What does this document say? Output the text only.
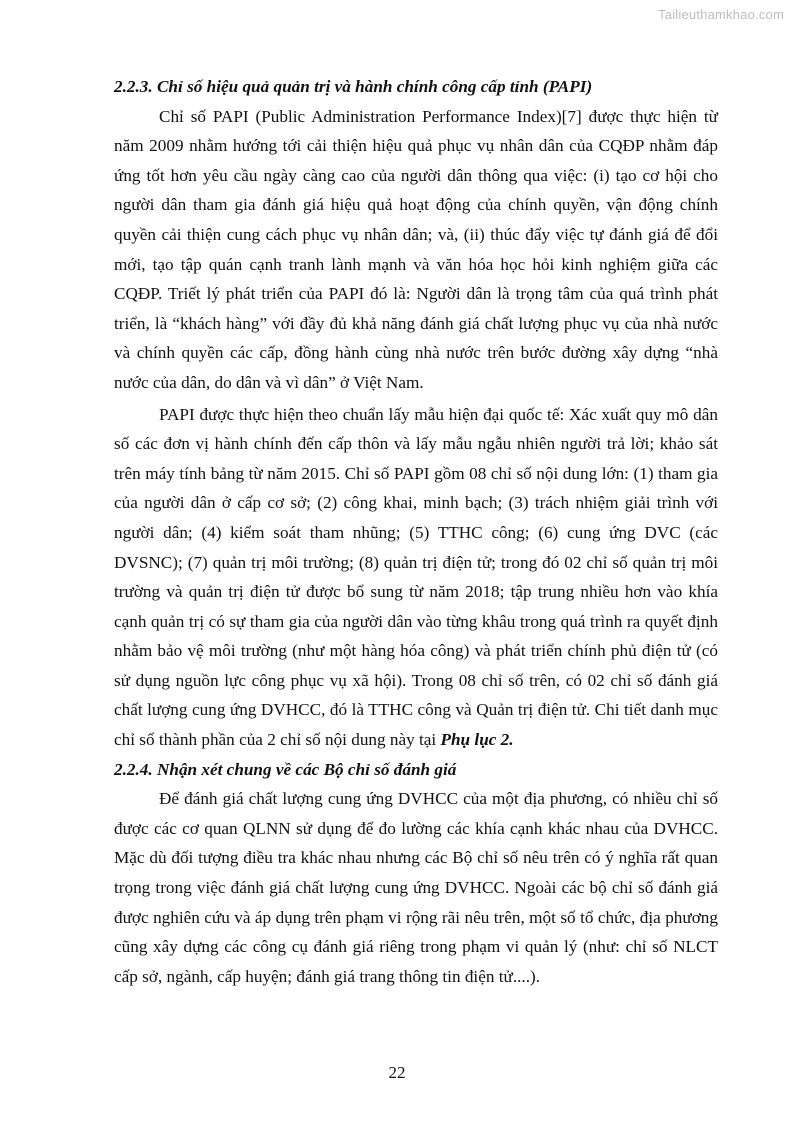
Tailieuthamkhao.com

2.2.3. Chỉ số hiệu quả quản trị và hành chính công cấp tỉnh (PAPI)

Chỉ số PAPI (Public Administration Performance Index)[7] được thực hiện từ năm 2009 nhằm hướng tới cải thiện hiệu quả phục vụ nhân dân của CQĐP nhằm đáp ứng tốt hơn yêu cầu ngày càng cao của người dân thông qua việc: (i) tạo cơ hội cho người dân tham gia đánh giá hiệu quả hoạt động của chính quyền, vận động chính quyền cải thiện cung cách phục vụ nhân dân; và, (ii) thúc đẩy việc tự đánh giá để đổi mới, tạo tập quán cạnh tranh lành mạnh và văn hóa học hỏi kinh nghiệm giữa các CQĐP. Triết lý phát triển của PAPI đó là: Người dân là trọng tâm của quá trình phát triển, là “khách hàng” với đầy đủ khả năng đánh giá chất lượng phục vụ của nhà nước và chính quyền các cấp, đồng hành cùng nhà nước trên bước đường xây dựng “nhà nước của dân, do dân và vì dân” ở Việt Nam.

PAPI được thực hiện theo chuẩn lấy mẫu hiện đại quốc tế: Xác xuất quy mô dân số các đơn vị hành chính đến cấp thôn và lấy mẫu ngẫu nhiên người trả lời; khảo sát trên máy tính bảng từ năm 2015. Chỉ số PAPI gồm 08 chỉ số nội dung lớn: (1) tham gia của người dân ở cấp cơ sở; (2) công khai, minh bạch; (3) trách nhiệm giải trình với người dân; (4) kiểm soát tham nhũng; (5) TTHC công; (6) cung ứng DVC (các DVSNC); (7) quản trị môi trường; (8) quản trị điện tử; trong đó 02 chỉ số quản trị môi trường và quản trị điện tử được bổ sung từ năm 2018; tập trung nhiều hơn vào khía cạnh quản trị có sự tham gia của người dân vào từng khâu trong quá trình ra quyết định nhằm bảo vệ môi trường (như một hàng hóa công) và phát triển chính phủ điện tử (có sử dụng nguồn lực công phục vụ xã hội). Trong 08 chỉ số trên, có 02 chỉ số đánh giá chất lượng cung ứng DVHCC, đó là TTHC công và Quản trị điện tử. Chi tiết danh mục chỉ số thành phần của 2 chỉ số nội dung này tại Phụ lục 2.

2.2.4. Nhận xét chung về các Bộ chỉ số đánh giá

Để đánh giá chất lượng cung ứng DVHCC của một địa phương, có nhiều chỉ số được các cơ quan QLNN sử dụng để đo lường các khía cạnh khác nhau của DVHCC. Mặc dù đối tượng điều tra khác nhau nhưng các Bộ chỉ số nêu trên có ý nghĩa rất quan trọng trong việc đánh giá chất lượng cung ứng DVHCC. Ngoài các bộ chỉ số đánh giá được nghiên cứu và áp dụng trên phạm vi rộng rãi nêu trên, một số tổ chức, địa phương cũng xây dựng các công cụ đánh giá riêng trong phạm vi quản lý (như: chỉ số NLCT cấp sở, ngành, cấp huyện; đánh giá trang thông tin điện tử....).

22
